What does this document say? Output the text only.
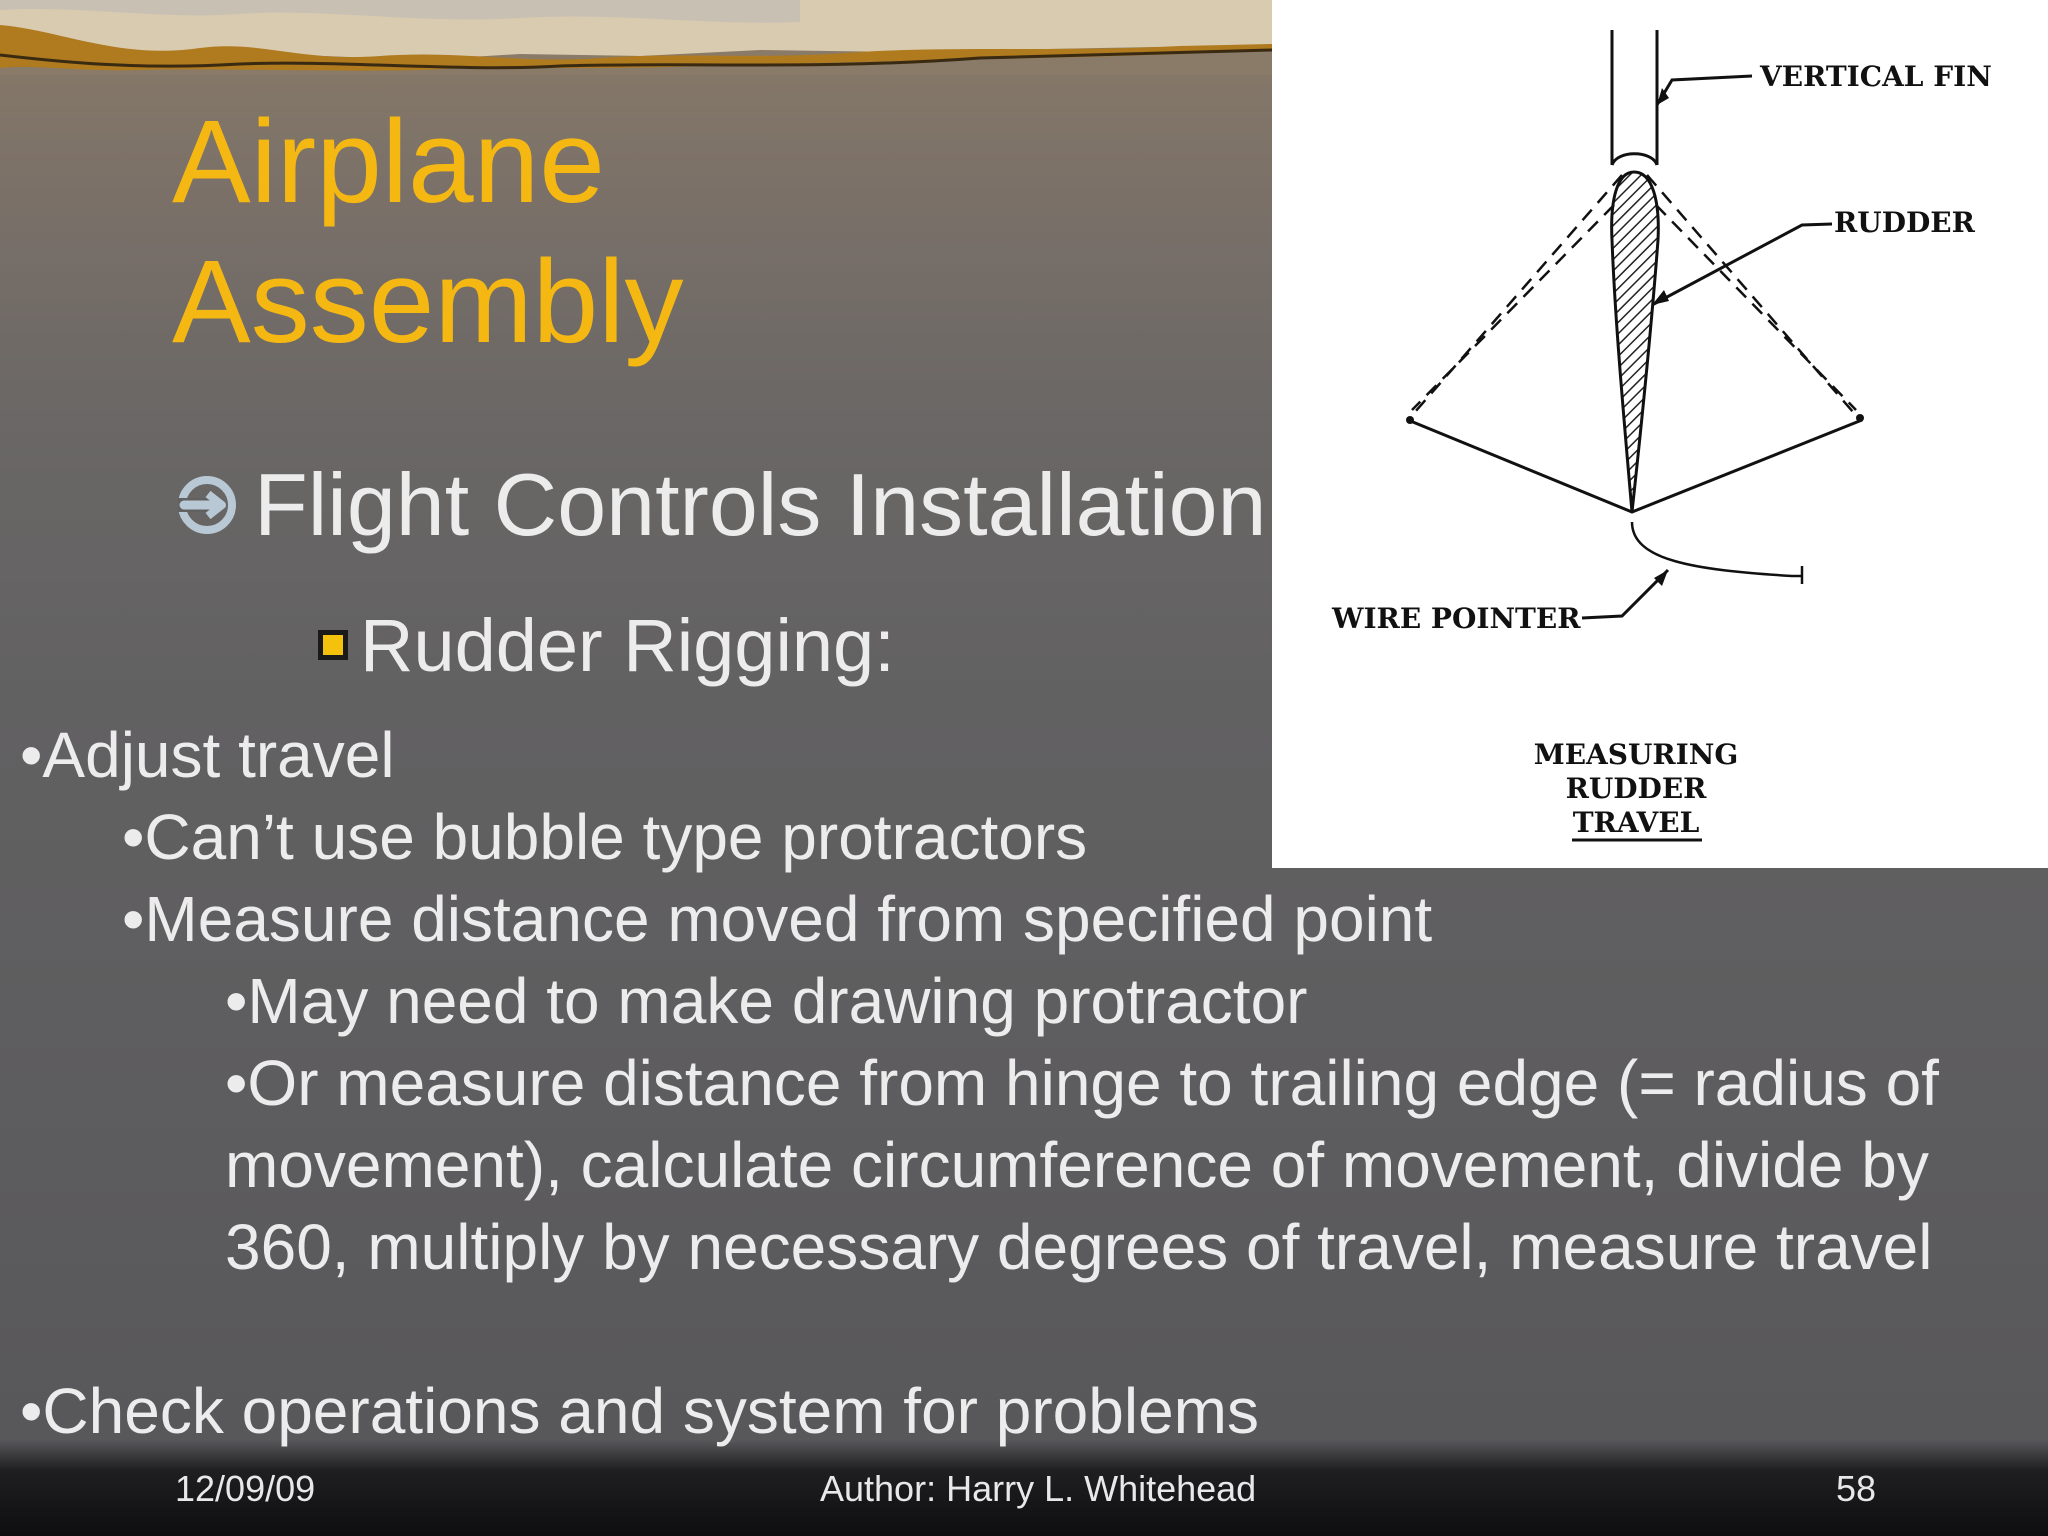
Airplane
Assembly
Flight Controls Installation
Rudder Rigging:
•Adjust travel
•Can’t use bubble type protractors
•Measure distance moved from specified point
•May need to make drawing protractor
•Or measure distance from hinge to trailing edge (= radius of movement), calculate circumference of movement, divide by 360, multiply by necessary degrees of travel, measure travel
•Check operations and system for problems
VERTICAL FIN
RUDDER
WIRE POINTER
MEASURING
RUDDER
TRAVEL
12/09/09	Author: Harry L. Whitehead	58
